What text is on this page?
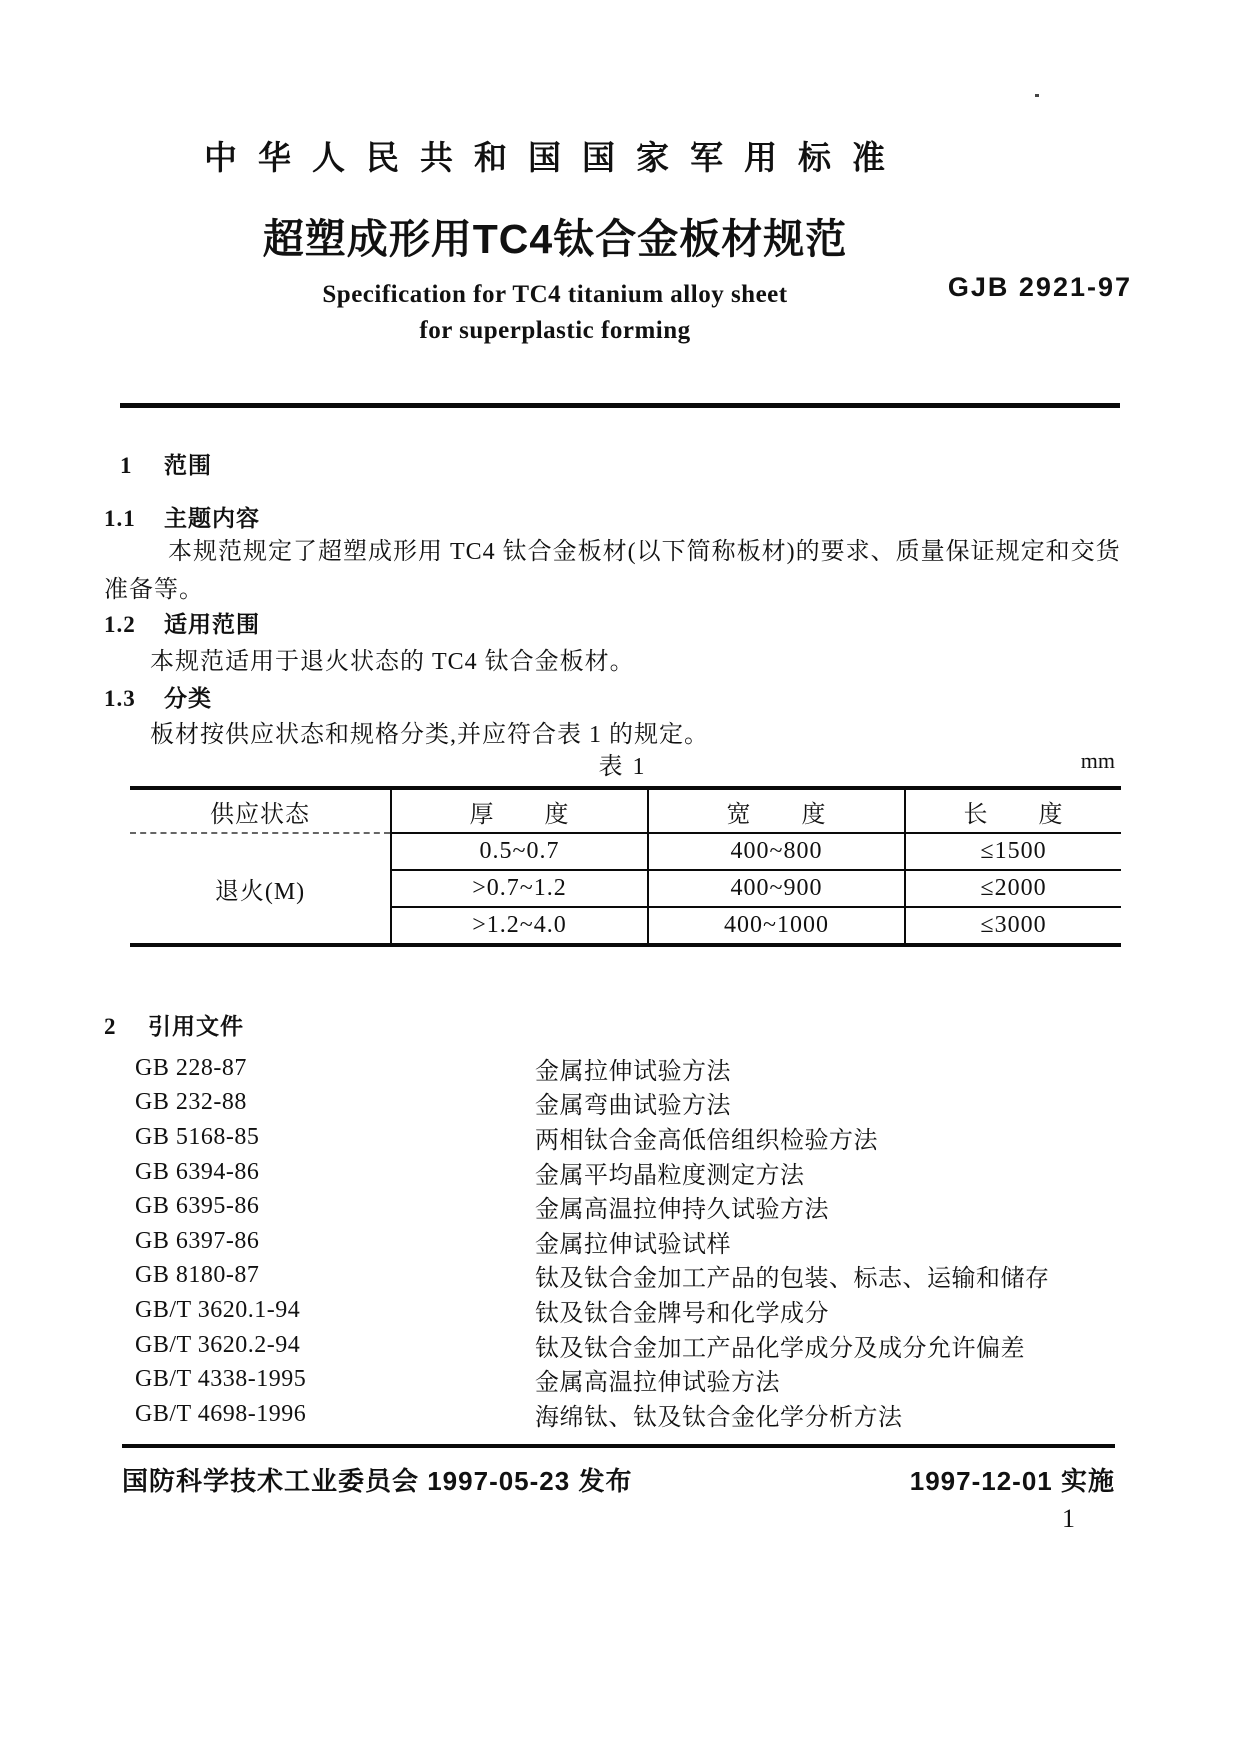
中华人民共和国国家军用标准
超塑成形用TC4钛合金板材规范
Specification for TC4 titanium alloy sheet
for superplastic forming
GJB 2921-97
1 范围
1.1 主题内容
本规范规定了超塑成形用 TC4 钛合金板材(以下简称板材)的要求、质量保证规定和交货
准备等。
1.2 适用范围
本规范适用于退火状态的 TC4 钛合金板材。
1.3 分类
板材按供应状态和规格分类,并应符合表 1 的规定。
表 1	mm
供应状态	厚　　度	宽　　度	长　　度
退火(M)	0.5~0.7	400~800	≤1500
	>0.7~1.2	400~900	≤2000
	>1.2~4.0	400~1000	≤3000
2 引用文件
GB 228-87	金属拉伸试验方法
GB 232-88	金属弯曲试验方法
GB 5168-85	两相钛合金高低倍组织检验方法
GB 6394-86	金属平均晶粒度测定方法
GB 6395-86	金属高温拉伸持久试验方法
GB 6397-86	金属拉伸试验试样
GB 8180-87	钛及钛合金加工产品的包装、标志、运输和储存
GB/T 3620.1-94	钛及钛合金牌号和化学成分
GB/T 3620.2-94	钛及钛合金加工产品化学成分及成分允许偏差
GB/T 4338-1995	金属高温拉伸试验方法
GB/T 4698-1996	海绵钛、钛及钛合金化学分析方法
国防科学技术工业委员会 1997-05-23 发布	1997-12-01 实施
1
